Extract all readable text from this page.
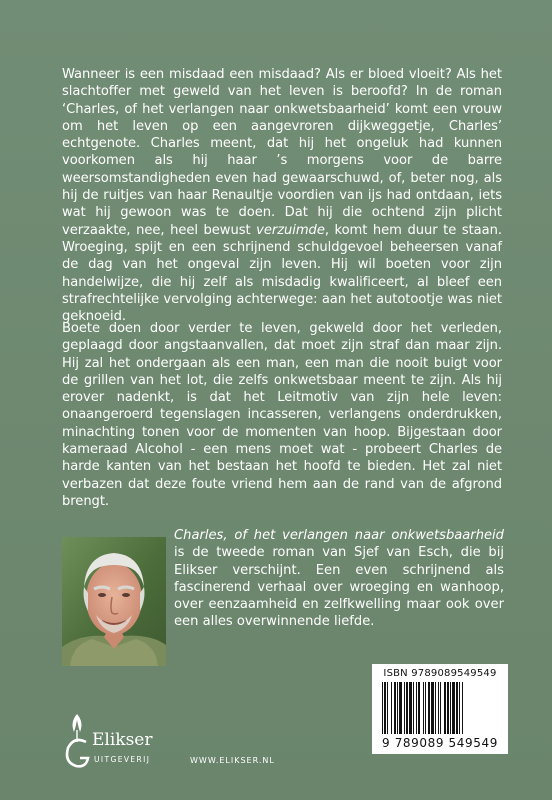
Wanneer is een misdaad een misdaad? Als er bloed vloeit? Als het slachtoffer met geweld van het leven is beroofd? In de roman ‘Charles, of het verlangen naar onkwetsbaarheid’ komt een vrouw om het leven op een aangevroren dijkweggetje, Charles’ echtgenote. Charles meent, dat hij het ongeluk had kunnen voorkomen als hij haar ’s morgens voor de barre weersomstandigheden even had gewaarschuwd, of, beter nog, als hij de ruitjes van haar Renaultje voordien van ijs had ontdaan, iets wat hij gewoon was te doen. Dat hij die ochtend zijn plicht verzaakte, nee, heel bewust verzuimde, komt hem duur te staan. Wroeging, spijt en een schrijnend schuldgevoel beheersen vanaf de dag van het ongeval zijn leven. Hij wil boeten voor zijn handelwijze, die hij zelf als misdadig kwalificeert, al bleef een strafrechtelijke vervolging achterwege: aan het autotootje was niet geknoeid.

Boete doen door verder te leven, gekweld door het verleden, geplaagd door angstaanvallen, dat moet zijn straf dan maar zijn. Hij zal het ondergaan als een man, een man die nooit buigt voor de grillen van het lot, die zelfs onkwetsbaar meent te zijn. Als hij erover nadenkt, is dat het Leitmotiv van zijn hele leven: onaangeroerd tegenslagen incasseren, verlangens onderdrukken, minachting tonen voor de momenten van hoop. Bijgestaan door kameraad Alcohol - een mens moet wat - probeert Charles de harde kanten van het bestaan het hoofd te bieden. Het zal niet verbazen dat deze foute vriend hem aan de rand van de afgrond brengt.

Charles, of het verlangen naar onkwetsbaarheid is de tweede roman van Sjef van Esch, die bij Elikser verschijnt. Een even schrijnend als fascinerend verhaal over wroeging en wanhoop, over eenzaamheid en zelfkwelling maar ook over een alles overwinnende liefde.

ISBN 9789089549549
9 789089 549549
Elikser
UITGEVERIJ	WWW.ELIKSER.NL
